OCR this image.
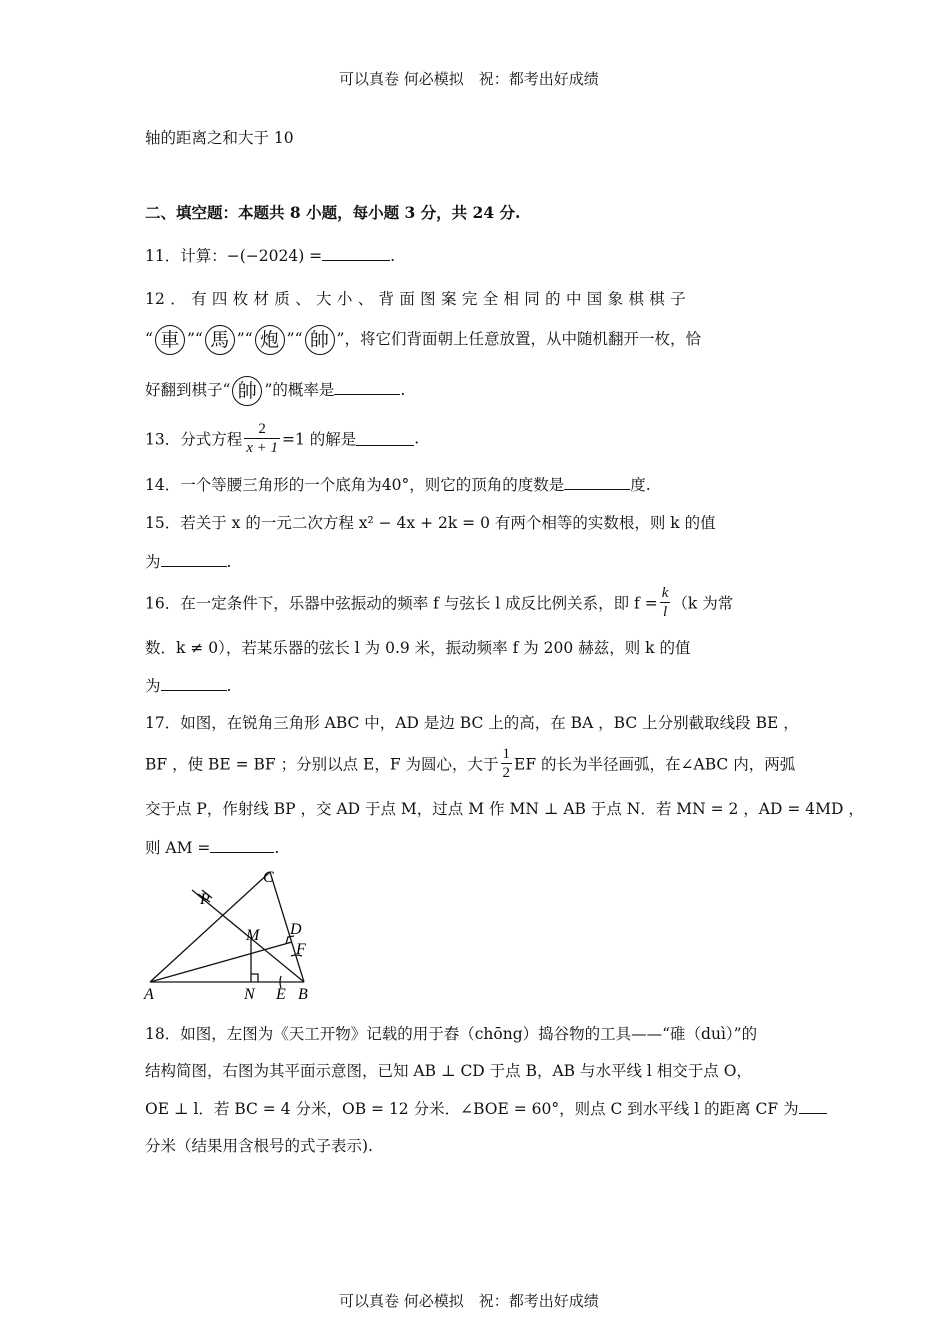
可以真卷 何必模拟　祝：都考出好成绩
轴的距离之和大于 10
二、填空题：本题共 8 小题，每小题 3 分，共 24 分.
11．计算：−(−2024) =	.
12 ． 有 四 枚 材 质 、 大 小 、 背 面 图 案 完 全 相 同 的 中 国 象 棋 棋 子
“ 車 ”“ 馬 ”“ 炮 ”“ 帥 ”，将它们背面朝上任意放置，从中随机翻开一枚，恰
好翻到棋子“ 帥 ”的概率是	.
13．分式方程 $\frac{2}{x + 1} =1$ 的解是	.
14．一个等腰三角形的一个底角为40°，则它的顶角的度数是	度.
15．若关于 x 的一元二次方程 x² − 4x + 2k = 0 有两个相等的实数根，则 k 的值
为	.
16．在一定条件下，乐器中弦振动的频率 f 与弦长 l 成反比例关系，即 $f = \frac{k}{l} (k$ 为常
数．k ≠ 0），若某乐器的弦长 l 为 0.9 米，振动频率 f 为 200 赫兹，则 k 的值
为	.
17．如图，在锐角三角形 ABC 中，AD 是边 BC 上的高，在 BA ，BC 上分别截取线段 BE ，
BF ，使 BE = BF ；分别以点 E，F 为圆心，大于 $\frac{1}{2}$ EF 的长为半径画弧，在∠ABC 内，两弧
交于点 P，作射线 BP ，交 AD 于点 M，过点 M 作 MN ⊥ AB 于点 N．若 MN = 2 ，AD = 4MD ，
则 AM =	.
A	N E B
C
D
F
M
P
18．如图，左图为《天工开物》记载的用于舂（chōng）捣谷物的工具——“碓（duì）”的
结构简图，右图为其平面示意图，已知 AB ⊥ CD 于点 B，AB 与水平线 l 相交于点 O，
OE ⊥ l．若 BC = 4 分米，OB = 12 分米．∠BOE = 60°，则点 C 到水平线 l 的距离 CF 为
分米（结果用含根号的式子表示).
可以真卷 何必模拟　祝：都考出好成绩
